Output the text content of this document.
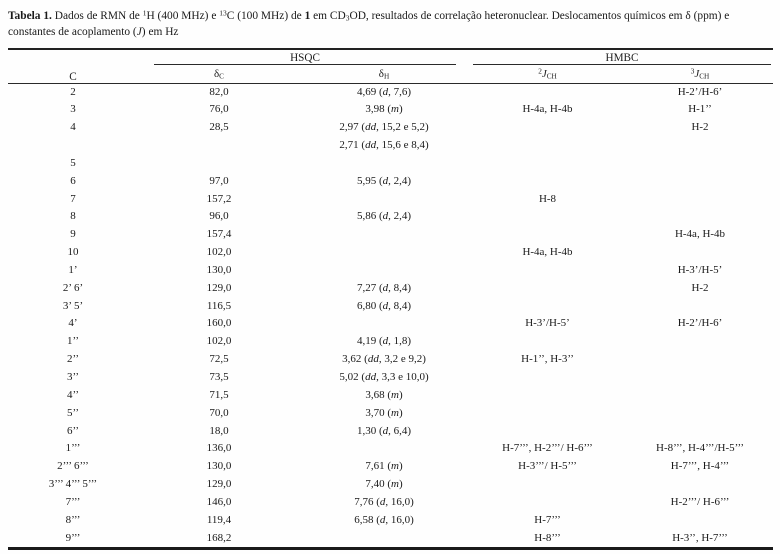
Tabela 1. Dados de RMN de $^1$H (400 MHz) e $^{13}$C (100 MHz) de 1 em $CD_3OD$, resultados de correlação heteronuclear. Deslocamentos químicos em δ (ppm) e
constantes de acoplamento (J) em Hz
C	HSQC		HMBC	

	$\delta_C$	$\delta_H$	$^2J_{CH}$	$^3J_{CH}$
2	82,0	4,69 (d, 7,6)		H-2’/H-6’
3	76,0	3,98 (m)	H-4a, H-4b	H-1’’
4	28,5	2,97 (dd, 15,2 e 5,2)
2,71 (dd, 15,6 e 8,4)		H-2
5				
6	97,0	5,95 (d, 2,4)		
7	157,2		H-8	
8	96,0	5,86 (d, 2,4)		
9	157,4			H-4a, H-4b
10	102,0		H-4a, H-4b	
1’	130,0			H-3’/H-5’
2’ 6’	129,0	7,27 (d, 8,4)		H-2
3’ 5’	116,5	6,80 (d, 8,4)		
4’	160,0		H-3’/H-5’	H-2’/H-6’
1’’	102,0	4,19 (d, 1,8)		
2’’	72,5	3,62 (dd, 3,2 e 9,2)	H-1’’, H-3’’	
3’’	73,5	5,02 (dd, 3,3 e 10,0)		
4’’	71,5	3,68 (m)		
5’’	70,0	3,70 (m)		
6’’	18,0	1,30 (d, 6,4)		
1’’’	136,0		H-7’’’, H-2’’’/ H-6’’’	H-8’’’, H-4’’’/H-5’’’
2’’’ 6’’’	130,0	7,61 (m)	H-3’’’/ H-5’’’	H-7’’’, H-4’’’
3’’’ 4’’’ 5’’’	129,0	7,40 (m)		
7’’’	146,0	7,76 (d, 16,0)		H-2’’’/ H-6’’’
8’’’	119,4	6,58 (d, 16,0)	H-7’’’	
9’’’	168,2		H-8’’’	H-3’’, H-7’’’
